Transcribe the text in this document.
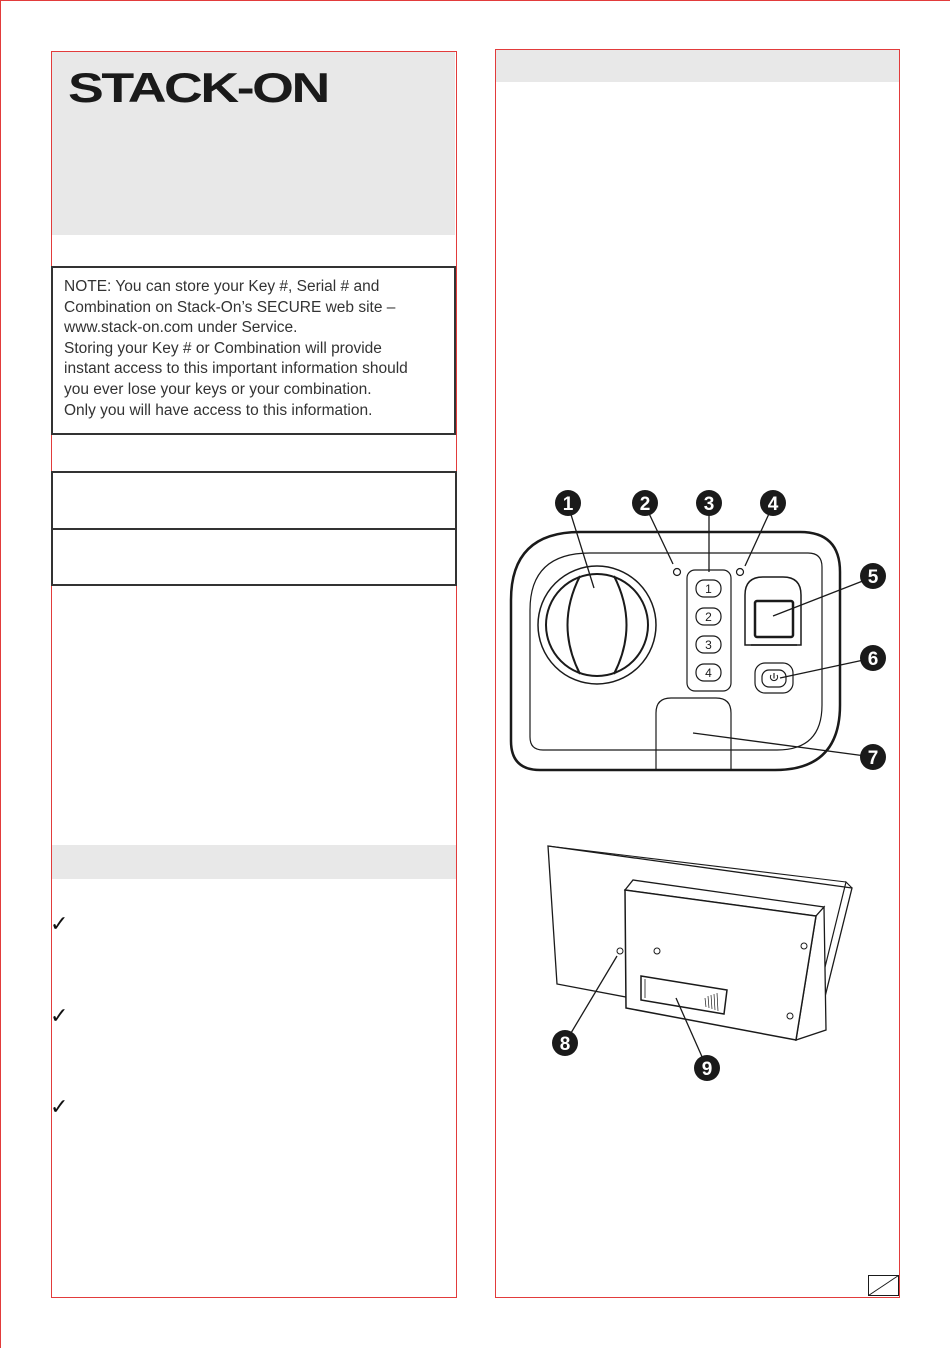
STACK-ON
NOTE: You can store your Key #, Serial # and
Combination on Stack-On’s SECURE web site –
www.stack-on.com under Service.
Storing your Key # or Combination will provide
instant access to this important information should
you ever lose your keys or your combination.
Only you will have access to this information.
✓
✓
✓
1
2
3
4
1	2	3	4
5
6
7
8
9
